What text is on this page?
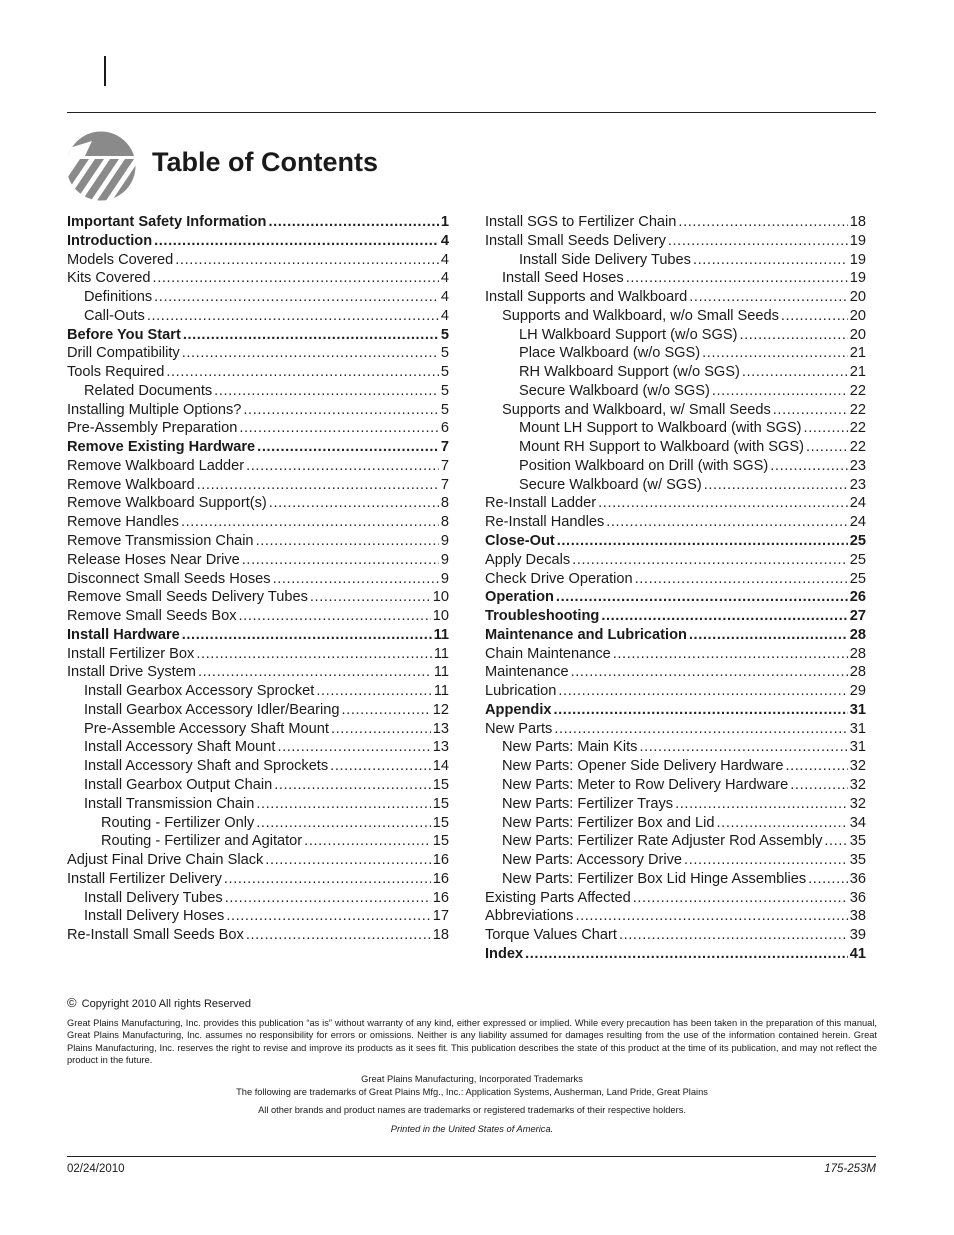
Table of Contents
Important Safety Information .....	1
Introduction .....	4
Models Covered .....	4
Kits Covered .....	4
Definitions .....	4
Call-Outs .....	4
Before You Start .....	5
Drill Compatibility .....	5
Tools Required .....	5
Related Documents .....	5
Installing Multiple Options? .....	5
Pre-Assembly Preparation .....	6
Remove Existing Hardware .....	7
Remove Walkboard Ladder .....	7
Remove Walkboard .....	7
Remove Walkboard Support(s) .....	8
Remove Handles .....	8
Remove Transmission Chain .....	9
Release Hoses Near Drive .....	9
Disconnect Small Seeds Hoses .....	9
Remove Small Seeds Delivery Tubes .....	10
Remove Small Seeds Box .....	10
Install Hardware .....	11
Install Fertilizer Box .....	11
Install Drive System .....	11
Install Gearbox Accessory Sprocket .....	11
Install Gearbox Accessory Idler/Bearing .....	12
Pre-Assemble Accessory Shaft Mount .....	13
Install Accessory Shaft Mount .....	13
Install Accessory Shaft and Sprockets .....	14
Install Gearbox Output Chain .....	15
Install Transmission Chain .....	15
Routing - Fertilizer Only .....	15
Routing - Fertilizer and Agitator .....	15
Adjust Final Drive Chain Slack .....	16
Install Fertilizer Delivery .....	16
Install Delivery Tubes .....	16
Install Delivery Hoses .....	17
Re-Install Small Seeds Box .....	18
Install SGS to Fertilizer Chain .....	18
Install Small Seeds Delivery .....	19
Install Side Delivery Tubes .....	19
Install Seed Hoses .....	19
Install Supports and Walkboard .....	20
Supports and Walkboard, w/o Small Seeds .....	20
LH Walkboard Support (w/o SGS) .....	20
Place Walkboard (w/o SGS) .....	21
RH Walkboard Support (w/o SGS) .....	21
Secure Walkboard (w/o SGS) .....	22
Supports and Walkboard, w/ Small Seeds .....	22
Mount LH Support to Walkboard (with SGS) .....	22
Mount RH Support to Walkboard (with SGS) .....	22
Position Walkboard on Drill (with SGS) .....	23
Secure Walkboard (w/ SGS) .....	23
Re-Install Ladder .....	24
Re-Install Handles .....	24
Close-Out .....	25
Apply Decals .....	25
Check Drive Operation .....	25
Operation .....	26
Troubleshooting .....	27
Maintenance and Lubrication .....	28
Chain Maintenance .....	28
Maintenance .....	28
Lubrication .....	29
Appendix .....	31
New Parts .....	31
New Parts: Main Kits .....	31
New Parts: Opener Side Delivery Hardware .....	32
New Parts: Meter to Row Delivery Hardware .....	32
New Parts: Fertilizer Trays .....	32
New Parts: Fertilizer Box and Lid .....	34
New Parts: Fertilizer Rate Adjuster Rod Assembly ..... 35
New Parts: Accessory Drive .....	35
New Parts: Fertilizer Box Lid Hinge Assemblies .....	36
Existing Parts Affected .....	36
Abbreviations .....	38
Torque Values Chart .....	39
Index .....	41
© Copyright 2010 All rights Reserved

Great Plains Manufacturing, Inc. provides this publication “as is” without warranty of any kind, either expressed or implied. While every precaution has been taken in the preparation of this manual, Great Plains Manufacturing, Inc. assumes no responsibility for errors or omissions. Neither is any liability assumed for damages resulting from the use of the information contained herein. Great Plains Manufacturing, Inc. reserves the right to revise and improve its products as it sees fit. This publication describes the state of this product at the time of its publication, and may not reflect the product in the future.

Great Plains Manufacturing, Incorporated Trademarks

The following are trademarks of Great Plains Mfg., Inc.: Application Systems, Ausherman, Land Pride, Great Plains

All other brands and product names are trademarks or registered trademarks of their respective holders.

Printed in the United States of America.

02/24/2010	175-253M
